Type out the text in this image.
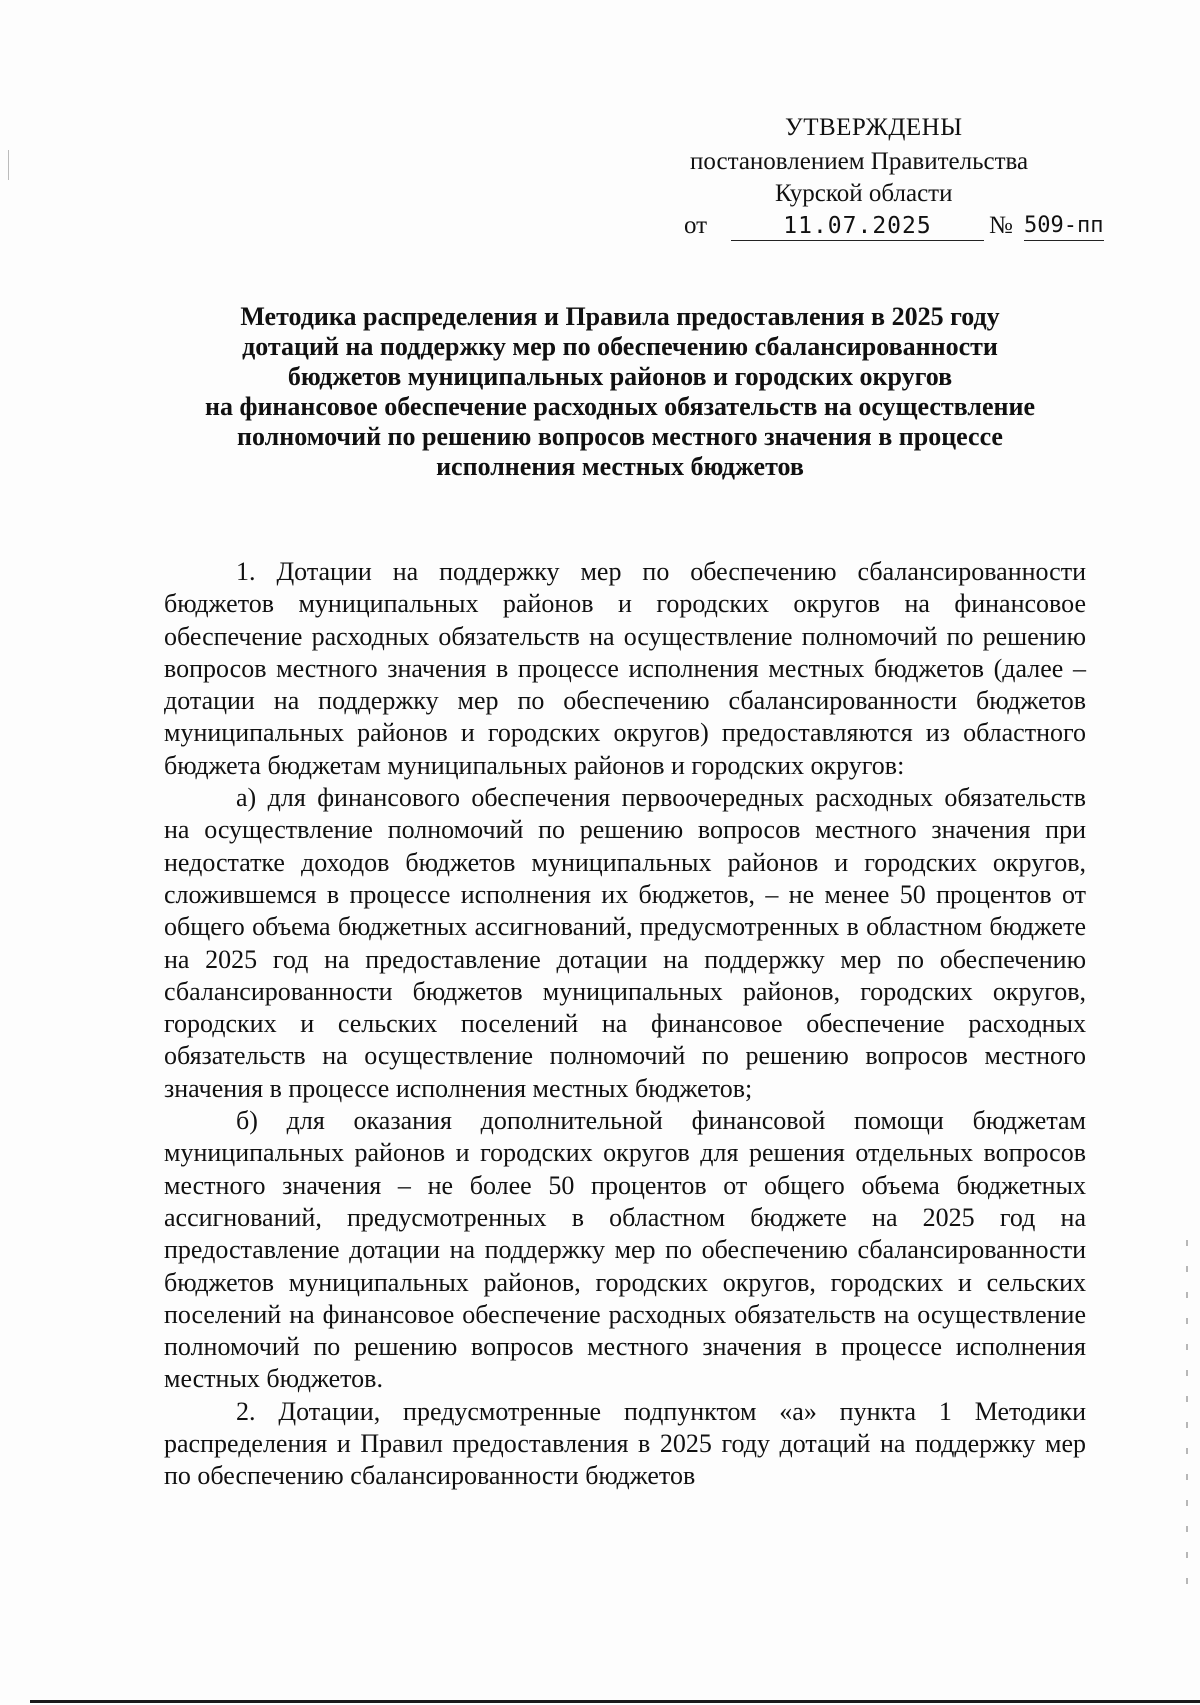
УТВЕРЖДЕНЫ
постановлением Правительства
Курской области
от	11.07.2025	№ 509-пп
Методика распределения и Правила предоставления в 2025 году
дотаций на поддержку мер по обеспечению сбалансированности
бюджетов муниципальных районов и городских округов
на финансовое обеспечение расходных обязательств на осуществление
полномочий по решению вопросов местного значения в процессе
исполнения местных бюджетов

1. Дотации на поддержку мер по обеспечению сбалансированности бюджетов муниципальных районов и городских округов на финансовое обеспечение расходных обязательств на осуществление полномочий по решению вопросов местного значения в процессе исполнения местных бюджетов (далее – дотации на поддержку мер по обеспечению сбалансированности бюджетов муниципальных районов и городских округов) предоставляются из областного бюджета бюджетам муниципальных районов и городских округов:

а) для финансового обеспечения первоочередных расходных обязательств на осуществление полномочий по решению вопросов местного значения при недостатке доходов бюджетов муниципальных районов и городских округов, сложившемся в процессе исполнения их бюджетов, – не менее 50 процентов от общего объема бюджетных ассигнований, предусмотренных в областном бюджете на 2025 год на предоставление дотации на поддержку мер по обеспечению сбалансированности бюджетов муниципальных районов, городских округов, городских и сельских поселений на финансовое обеспечение расходных обязательств на осуществление полномочий по решению вопросов местного значения в процессе исполнения местных бюджетов;

б) для оказания дополнительной финансовой помощи бюджетам муниципальных районов и городских округов для решения отдельных вопросов местного значения – не более 50 процентов от общего объема бюджетных ассигнований, предусмотренных в областном бюджете на 2025 год на предоставление дотации на поддержку мер по обеспечению сбалансированности бюджетов муниципальных районов, городских округов, городских и сельских поселений на финансовое обеспечение расходных обязательств на осуществление полномочий по решению вопросов местного значения в процессе исполнения местных бюджетов.

2. Дотации, предусмотренные подпунктом «а» пункта 1 Методики распределения и Правил предоставления в 2025 году дотаций на поддержку мер по обеспечению сбалансированности бюджетов
